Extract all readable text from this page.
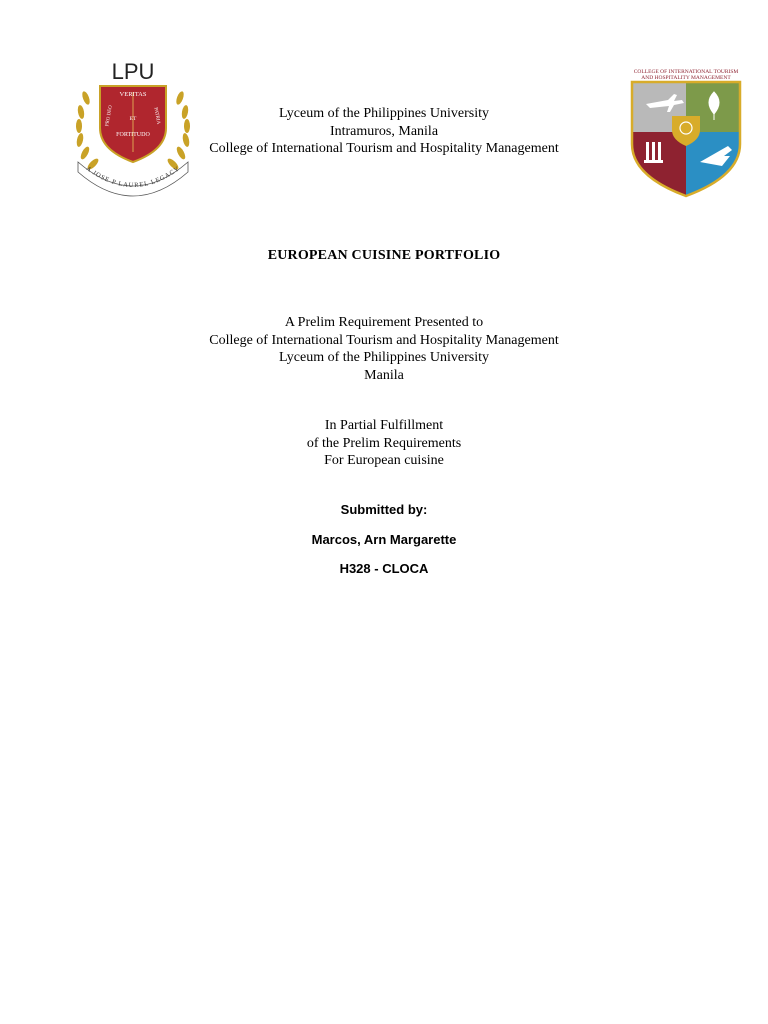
LPU
VERITAS
ET
FORTITUDO
PRO DEO	PATRIA
A JOSE P LAUREL LEGACY
COLLEGE OF INTERNATIONAL TOURISM
AND HOSPITALITY MANAGEMENT
Lyceum of the Philippines University
Intramuros, Manila
College of International Tourism and Hospitality Management
EUROPEAN CUISINE PORTFOLIO
A Prelim Requirement Presented to
College of International Tourism and Hospitality Management
Lyceum of the Philippines University
Manila
In Partial Fulfillment
of the Prelim Requirements
For European cuisine
Submitted by:
Marcos, Arn Margarette
H328 - CLOCA
